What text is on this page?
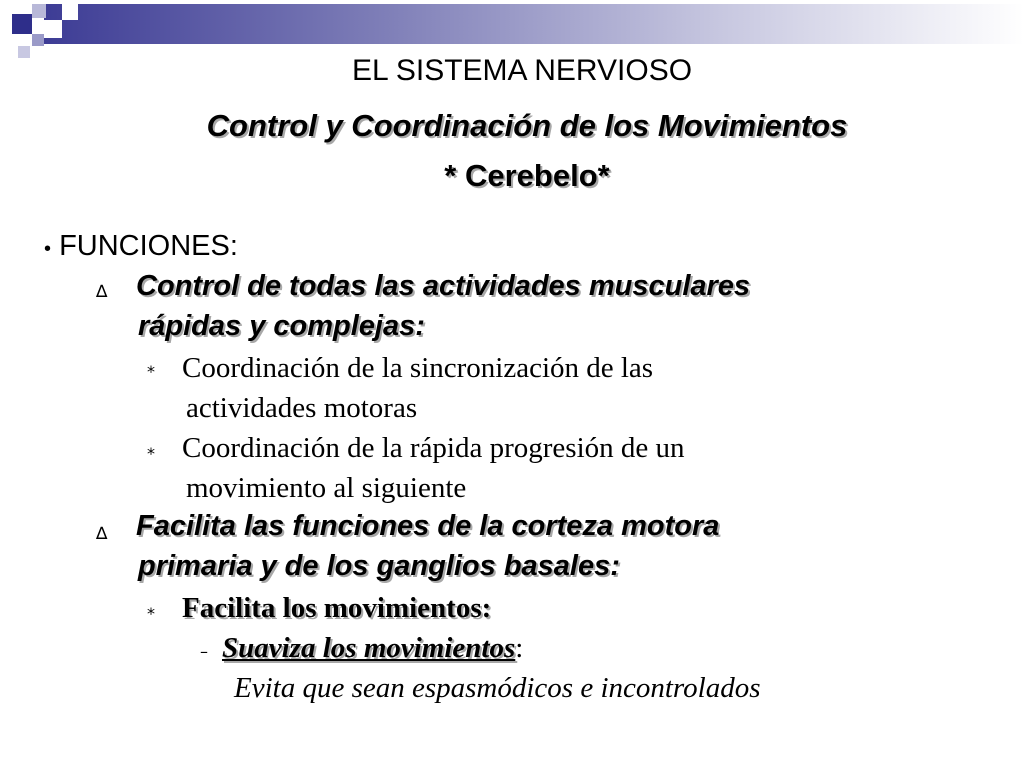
EL SISTEMA NERVIOSO
Control y Coordinación de los Movimientos
* Cerebelo*
• FUNCIONES:
∆ Control de todas las actividades musculares
rápidas y complejas:
* Coordinación de la sincronización de las
actividades motoras
* Coordinación de la rápida progresión de un
movimiento al siguiente
∆ Facilita las funciones de la corteza motora
primaria y de los ganglios basales:
* Facilita los movimientos:
– Suaviza los movimientos:
Evita que sean espasmódicos e incontrolados
